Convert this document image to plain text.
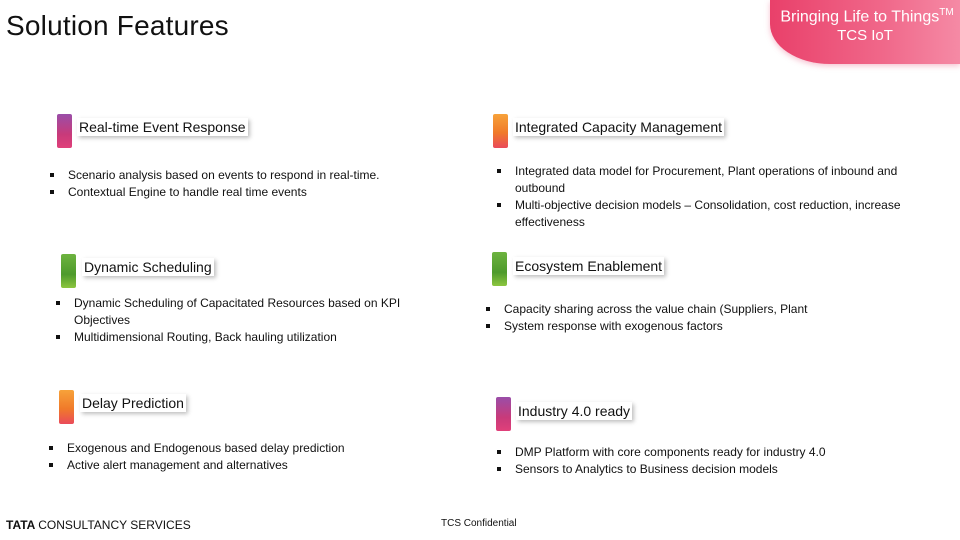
Solution Features	Bringing Life to Things™
TCS IoT
Real-time Event Response
Scenario analysis based on events to respond in real-time.
Contextual Engine to handle real time events
Integrated Capacity Management
Integrated data model for Procurement, Plant operations of inbound and outbound
Multi-objective decision models – Consolidation, cost reduction, increase effectiveness
Dynamic Scheduling
Dynamic Scheduling of Capacitated Resources based on KPI Objectives
Multidimensional Routing, Back hauling utilization
Ecosystem Enablement
Capacity sharing across the value chain (Suppliers, Plant
System response with exogenous factors
Delay Prediction
Exogenous and Endogenous based delay prediction
Active alert management and alternatives
Industry 4.0 ready
DMP Platform with core components ready for industry 4.0
Sensors to Analytics to Business decision models
TATA CONSULTANCY SERVICES	TCS Confidential
